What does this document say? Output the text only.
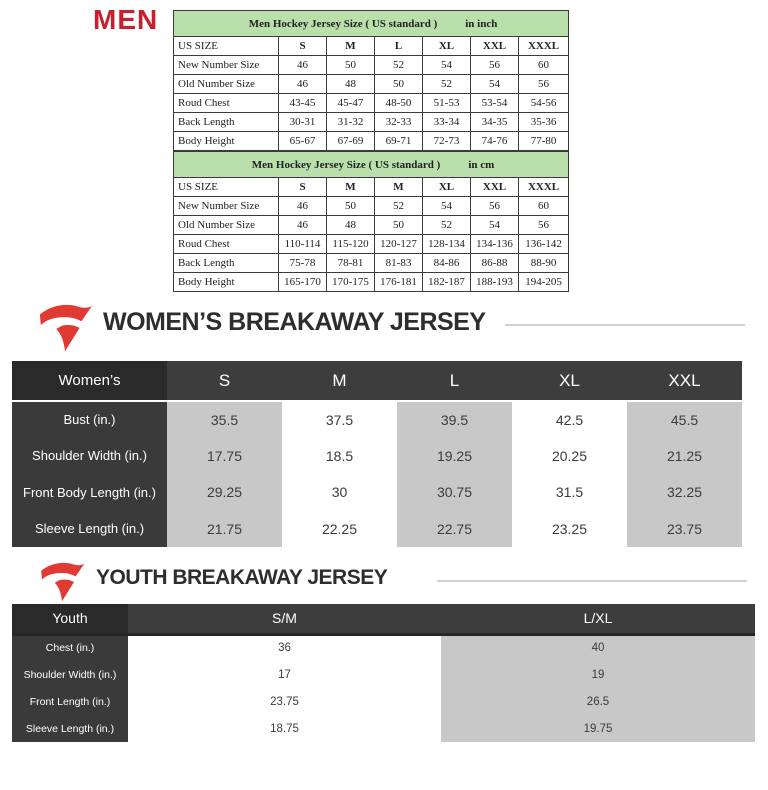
MEN	Men Hockey Jersey Size ( US standard ) in inch						
US SIZE	S	M	L	XL	XXL	XXXL
New Number Size	46	50	52	54	56	60
Old Number Size	46	48	50	52	54	56
Roud Chest	43-45	45-47	48-50	51-53	53-54	54-56
Back Length	30-31	31-32	32-33	33-34	34-35	35-36
Body Height	65-67	67-69	69-71	72-73	74-76	77-80
Men Hockey Jersey Size ( US standard ) in cm						
US SIZE	S	M	M	XL	XXL	XXXL
New Number Size	46	50	52	54	56	60
Old Number Size	46	48	50	52	54	56
Roud Chest	110-114	115-120	120-127	128-134	134-136	136-142
Back Length	75-78	78-81	81-83	84-86	86-88	88-90
Body Height	165-170	170-175	176-181	182-187	188-193	194-205
WOMEN’S BREAKAWAY JERSEY
Women’s	S	M	L	XL	XXL
Bust (in.)	35.5	37.5	39.5	42.5	45.5
Shoulder Width (in.)	17.75	18.5	19.25	20.25	21.25
Front Body Length (in.)	29.25	30	30.75	31.5	32.25
Sleeve Length (in.)	21.75	22.25	22.75	23.25	23.75
YOUTH BREAKAWAY JERSEY
Youth	S/M	L/XL
Chest (in.)	36	40
Shoulder Width (in.)	17	19
Front Length (in.)	23.75	26.5
Sleeve Length (in.)	18.75	19.75
